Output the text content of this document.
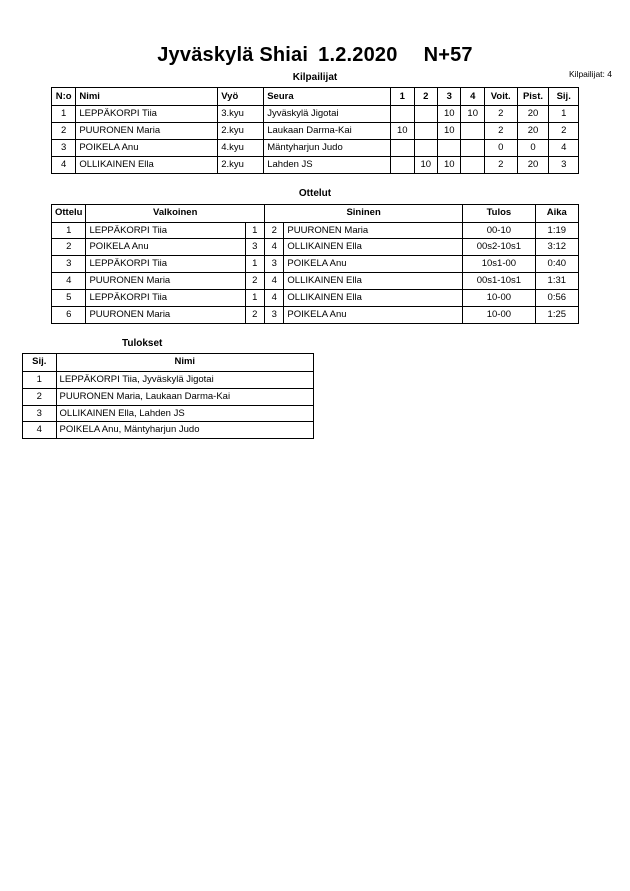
Jyväskylä Shiai 1.2.2020 N+57
Kilpailijat: 4
Kilpailijat
N:o	Nimi	Vyö	Seura	1	2	3	4	Voit.	Pist.	Sij.
1	LEPPÄKORPI Tiia	3.kyu	Jyväskylä Jigotai			10	10	2	20	1
2	PUURONEN Maria	2.kyu	Laukaan Darma-Kai	10		10		2	20	2
3	POIKELA Anu	4.kyu	Mäntyharjun Judo					0	0	4
4	OLLIKAINEN Ella	2.kyu	Lahden JS		10	10		2	20	3
Ottelut
Ottelu	Valkoinen		Sininen		Tulos	Aika
1	LEPPÄKORPI Tiia	1	2	PUURONEN Maria	00-10	1:19
2	POIKELA Anu	3	4	OLLIKAINEN Ella	00s2-10s1	3:12
3	LEPPÄKORPI Tiia	1	3	POIKELA Anu	10s1-00	0:40
4	PUURONEN Maria	2	4	OLLIKAINEN Ella	00s1-10s1	1:31
5	LEPPÄKORPI Tiia	1	4	OLLIKAINEN Ella	10-00	0:56
6	PUURONEN Maria	2	3	POIKELA Anu	10-00	1:25
Tulokset
Sij.	Nimi
1	LEPPÄKORPI Tiia, Jyväskylä Jigotai
2	PUURONEN Maria, Laukaan Darma-Kai
3	OLLIKAINEN Ella, Lahden JS
4	POIKELA Anu, Mäntyharjun Judo
